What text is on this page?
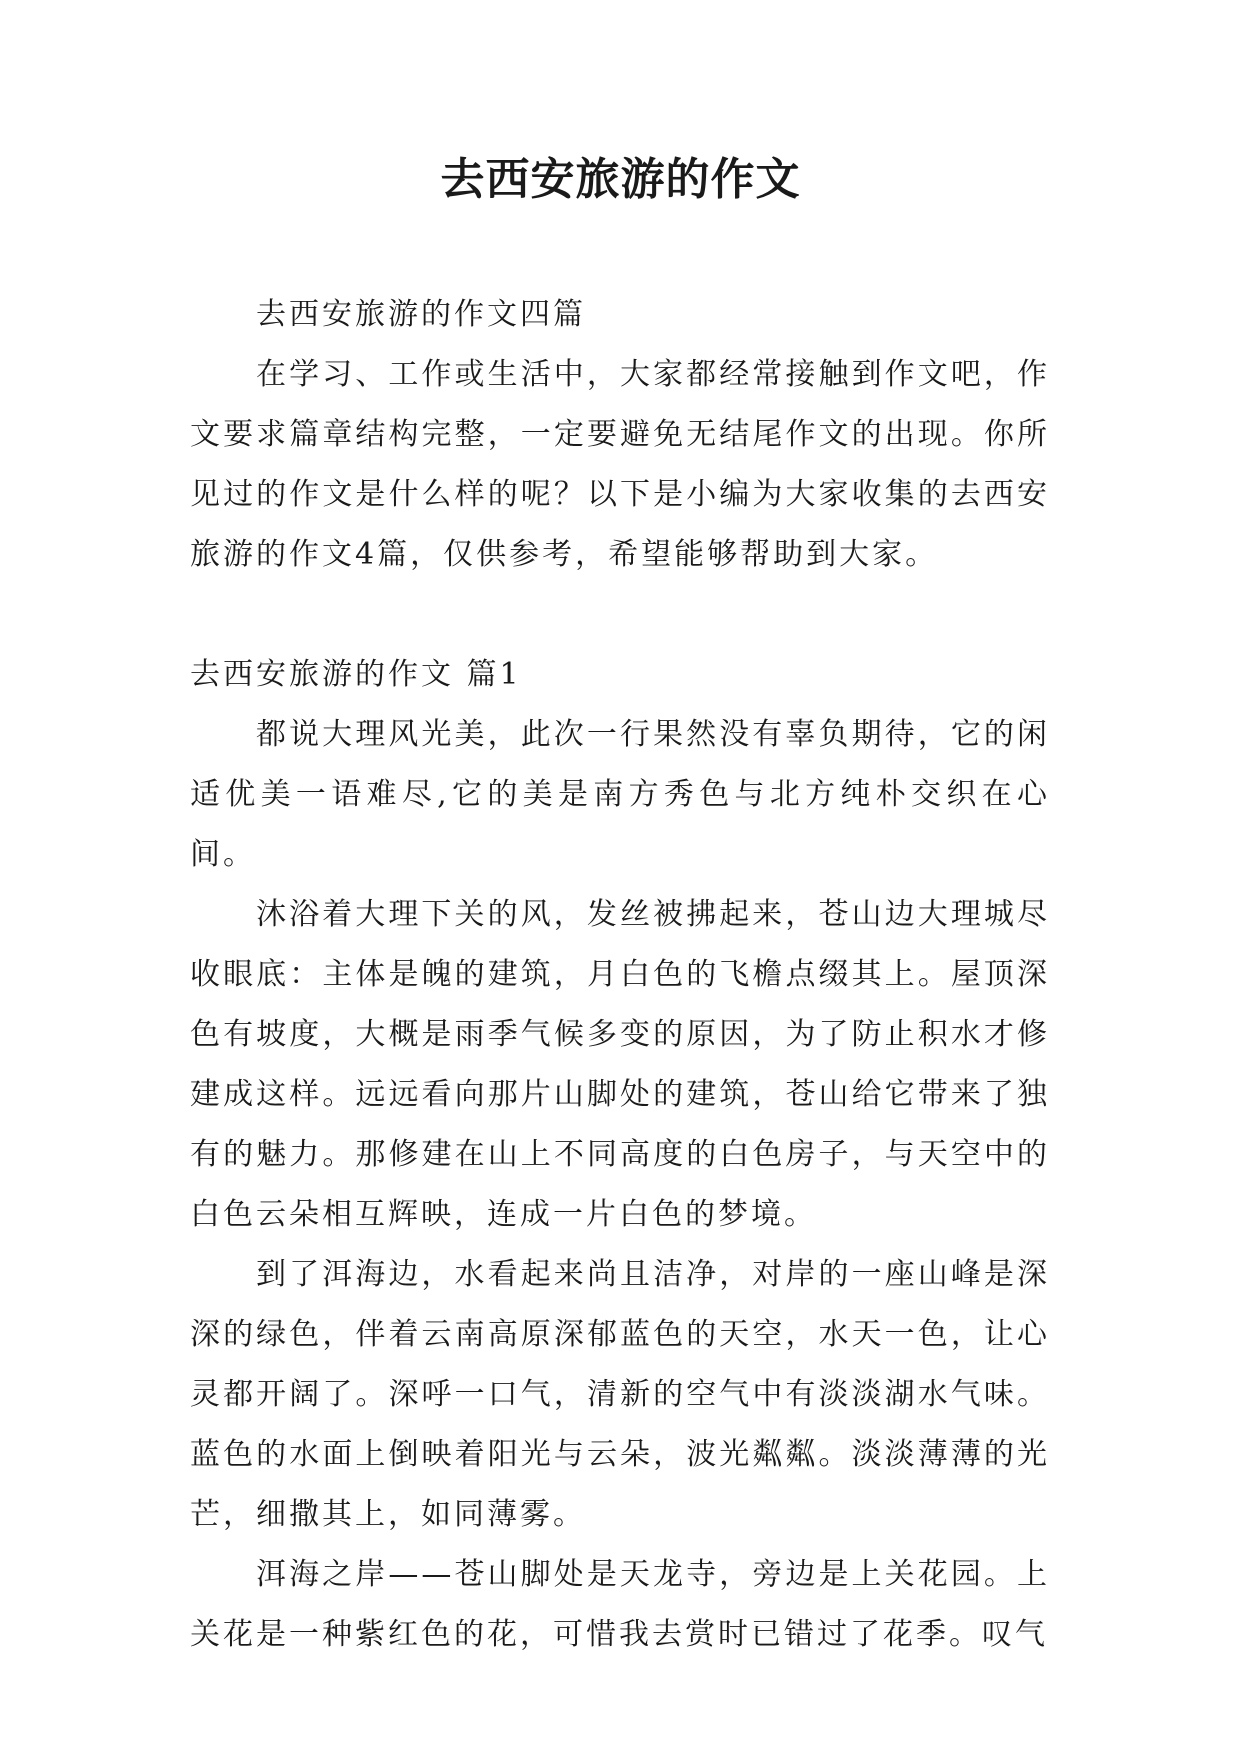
去西安旅游的作文

去西安旅游的作文四篇

在学习、工作或生活中，大家都经常接触到作文吧，作文要求篇章结构完整，一定要避免无结尾作文的出现。你所见过的作文是什么样的呢？以下是小编为大家收集的去西安旅游的作文4篇，仅供参考，希望能够帮助到大家。

去西安旅游的作文 篇1

都说大理风光美，此次一行果然没有辜负期待，它的闲适优美一语难尽,它的美是南方秀色与北方纯朴交织在心间。

沐浴着大理下关的风，发丝被拂起来，苍山边大理城尽收眼底：主体是魄的建筑，月白色的飞檐点缀其上。屋顶深色有坡度，大概是雨季气候多变的原因，为了防止积水才修建成这样。远远看向那片山脚处的建筑，苍山给它带来了独有的魅力。那修建在山上不同高度的白色房子，与天空中的白色云朵相互辉映，连成一片白色的梦境。

到了洱海边，水看起来尚且洁净，对岸的一座山峰是深深的绿色，伴着云南高原深郁蓝色的天空，水天一色，让心灵都开阔了。深呼一口气，清新的空气中有淡淡湖水气味。蓝色的水面上倒映着阳光与云朵，波光粼粼。淡淡薄薄的光芒，细撒其上，如同薄雾。

洱海之岸——苍山脚处是天龙寺，旁边是上关花园。上关花是一种紫红色的花，可惜我去赏时已错过了花季。叹气
